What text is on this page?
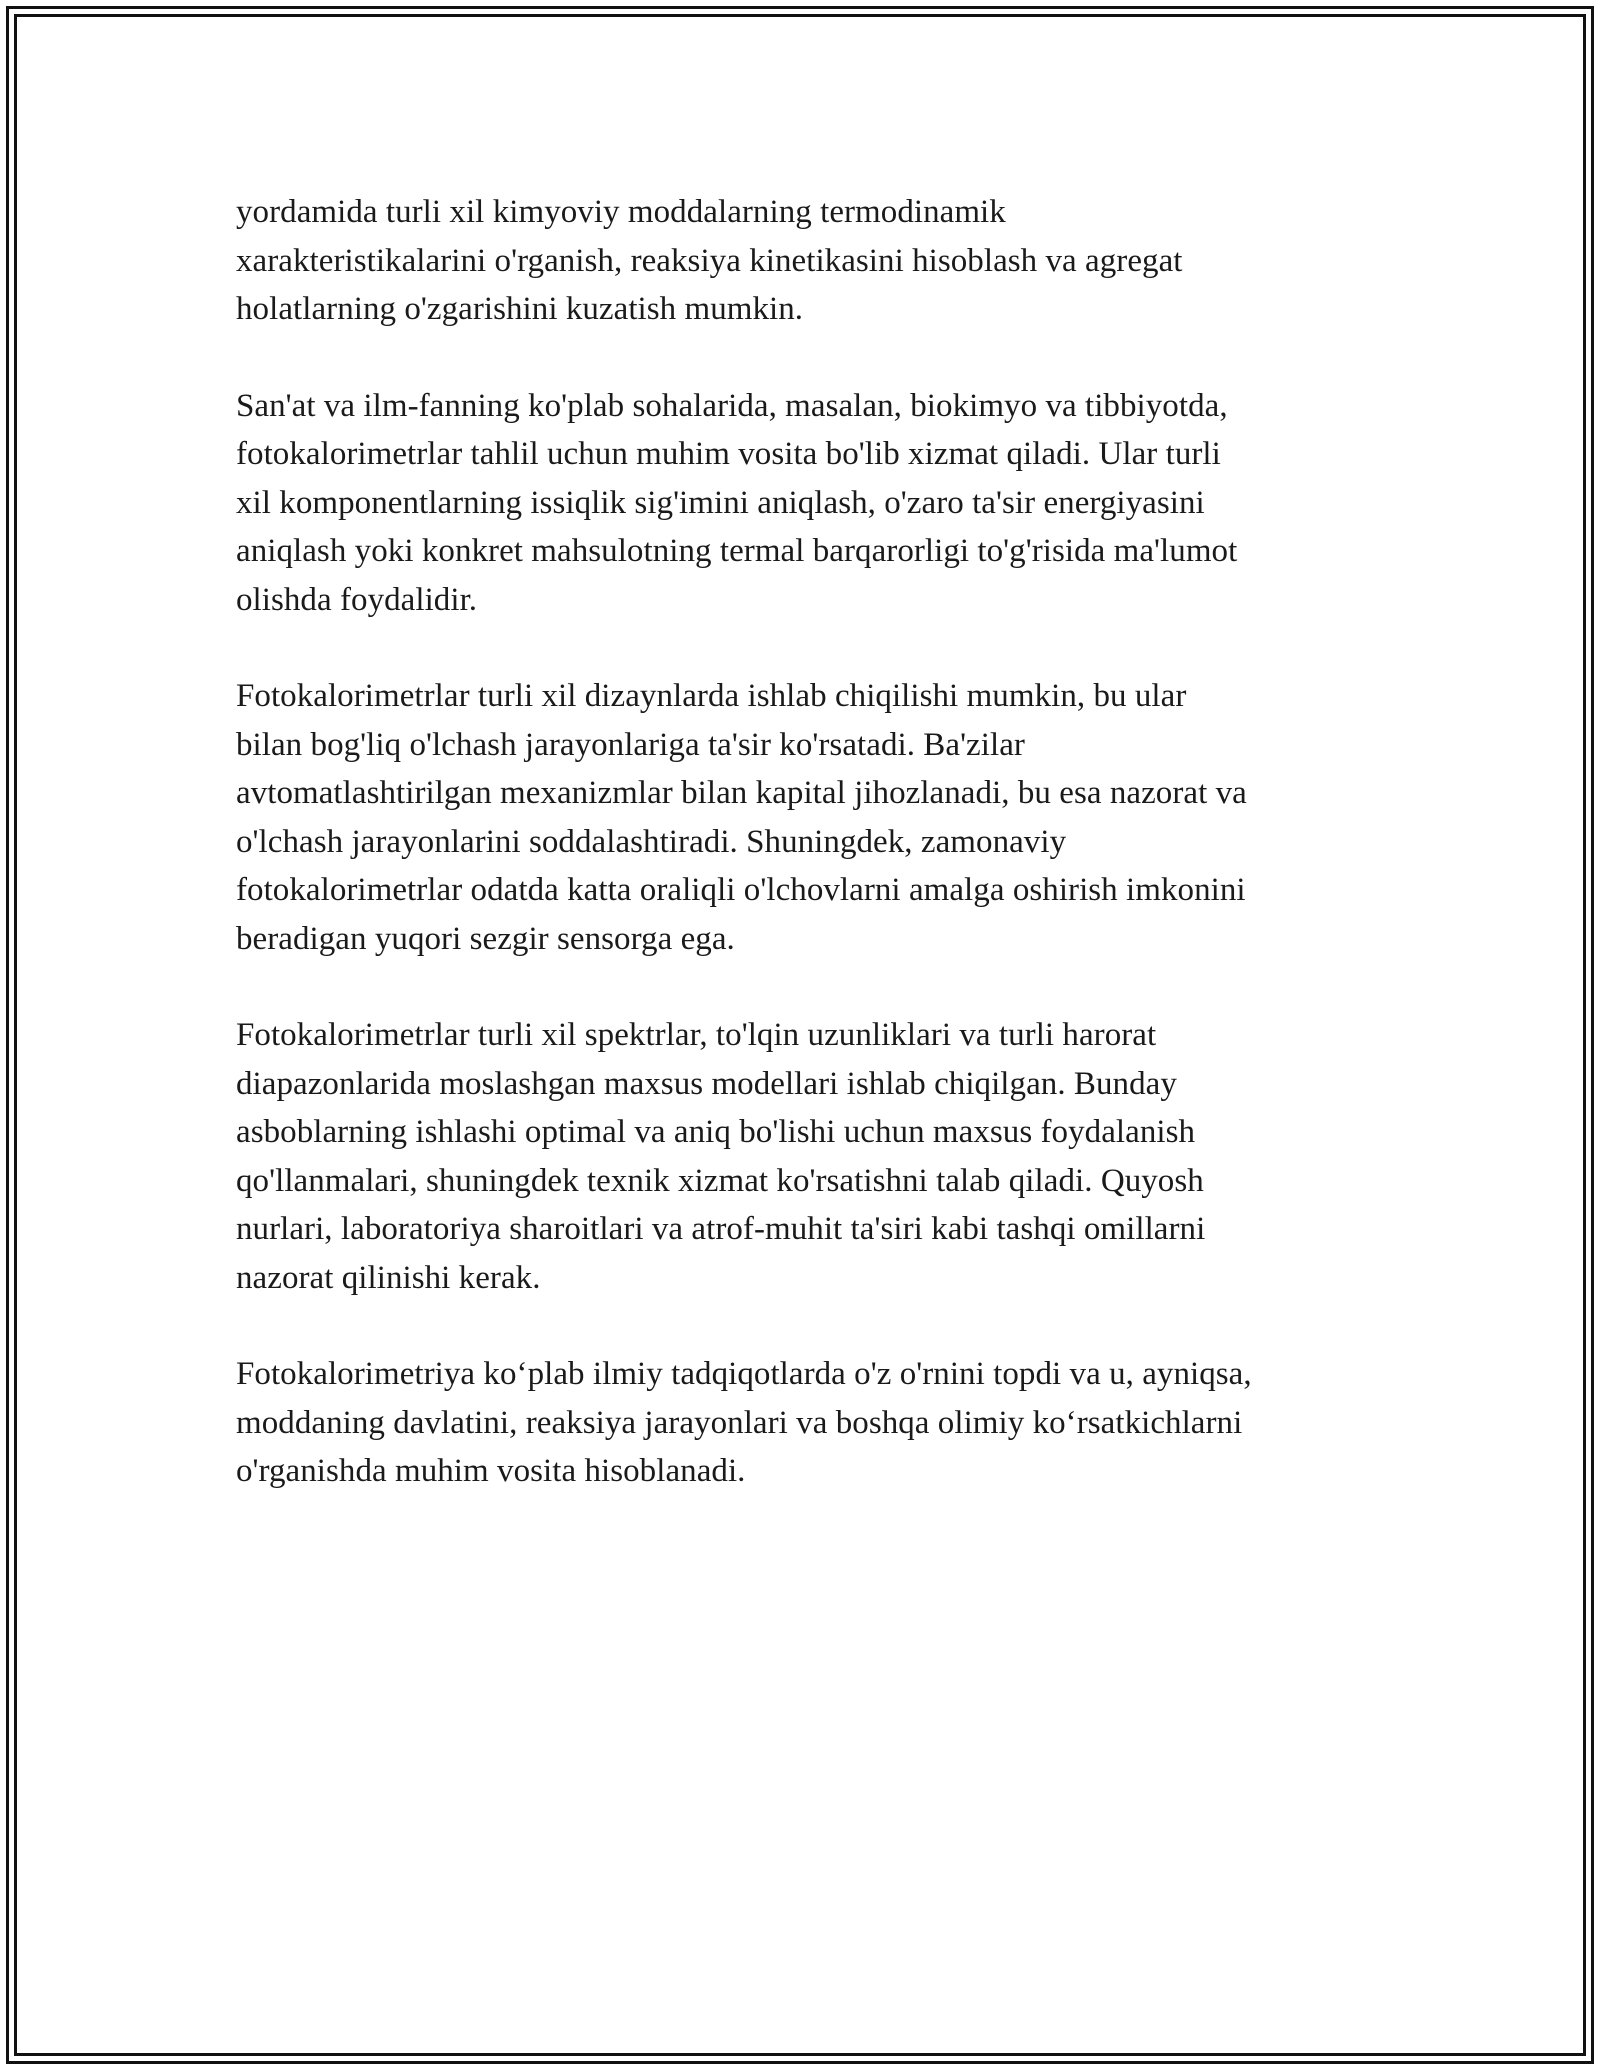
yordamida turli xil kimyoviy moddalarning termodinamik
xarakteristikalarini o'rganish, reaksiya kinetikasini hisoblash va agregat
holatlarning o'zgarishini kuzatish mumkin.

San'at va ilm-fanning ko'plab sohalarida, masalan, biokimyo va tibbiyotda,
fotokalorimetrlar tahlil uchun muhim vosita bo'lib xizmat qiladi. Ular turli
xil komponentlarning issiqlik sig'imini aniqlash, o'zaro ta'sir energiyasini
aniqlash yoki konkret mahsulotning termal barqarorligi to'g'risida ma'lumot
olishda foydalidir.

Fotokalorimetrlar turli xil dizaynlarda ishlab chiqilishi mumkin, bu ular
bilan bog'liq o'lchash jarayonlariga ta'sir ko'rsatadi. Ba'zilar
avtomatlashtirilgan mexanizmlar bilan kapital jihozlanadi, bu esa nazorat va
o'lchash jarayonlarini soddalashtiradi. Shuningdek, zamonaviy
fotokalorimetrlar odatda katta oraliqli o'lchovlarni amalga oshirish imkonini
beradigan yuqori sezgir sensorga ega.

Fotokalorimetrlar turli xil spektrlar, to'lqin uzunliklari va turli harorat
diapazonlarida moslashgan maxsus modellari ishlab chiqilgan. Bunday
asboblarning ishlashi optimal va aniq bo'lishi uchun maxsus foydalanish
qo'llanmalari, shuningdek texnik xizmat ko'rsatishni talab qiladi. Quyosh
nurlari, laboratoriya sharoitlari va atrof-muhit ta'siri kabi tashqi omillarni
nazorat qilinishi kerak.

Fotokalorimetriya ko‘plab ilmiy tadqiqotlarda o'z o'rnini topdi va u, ayniqsa,
moddaning davlatini, reaksiya jarayonlari va boshqa olimiy ko‘rsatkichlarni
o'rganishda muhim vosita hisoblanadi.
